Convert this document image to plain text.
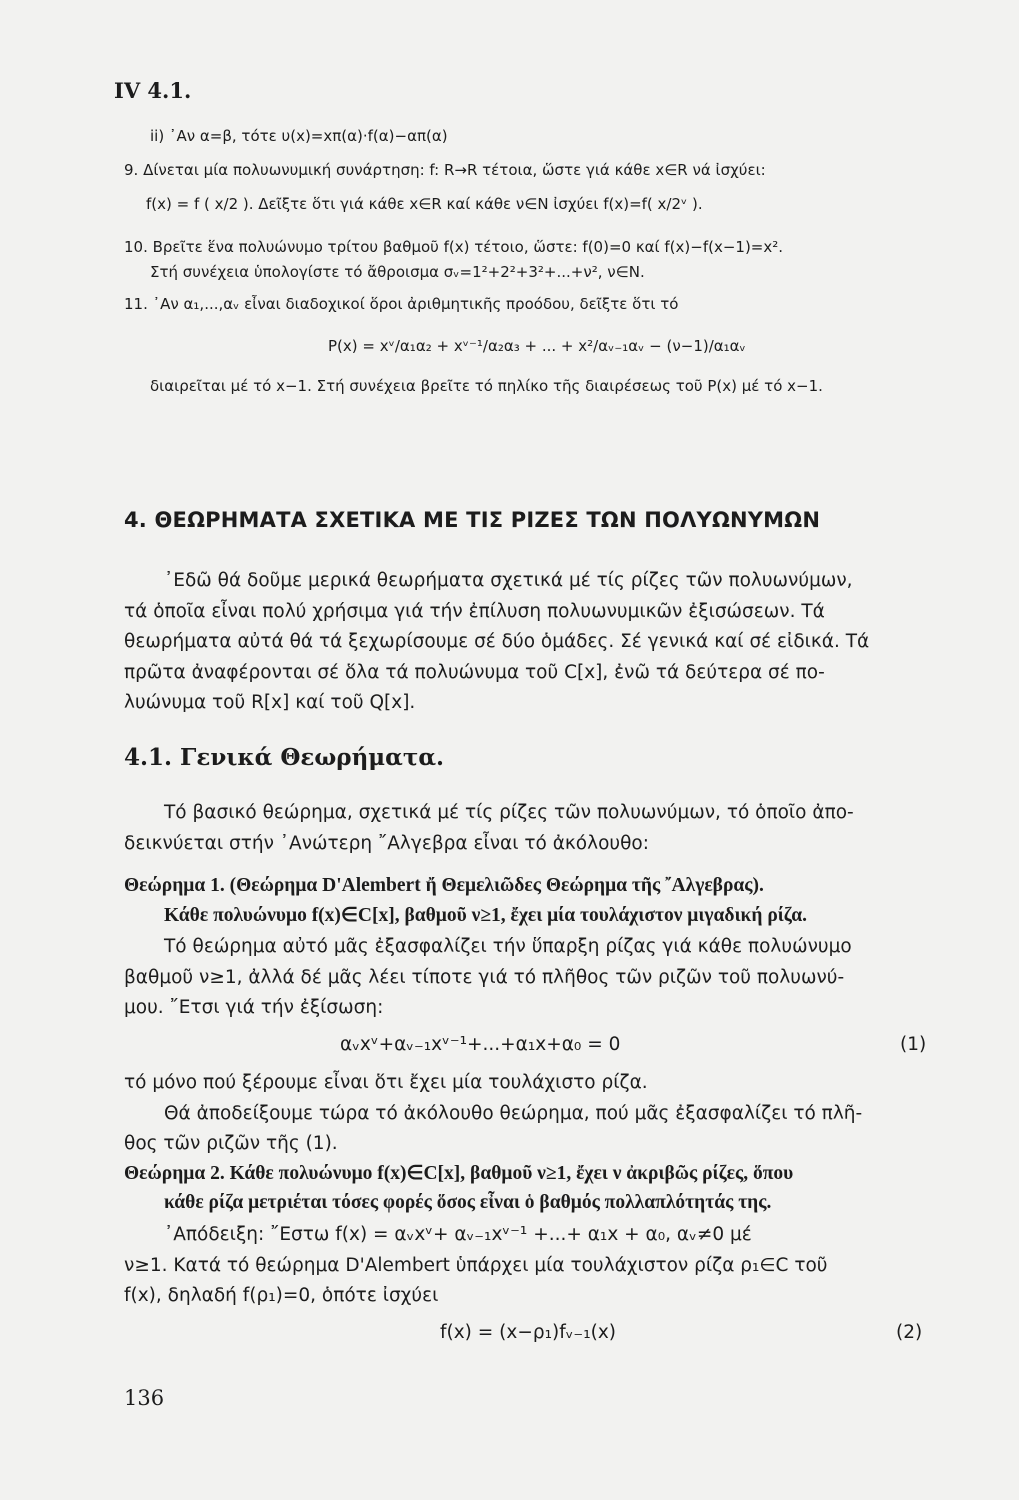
IV 4.1.
ii) ᾽Αν α=β, τότε υ(x)=xπ(α)·f(α)−απ(α)
9. Δίνεται μία πολυωνυμική συνάρτηση: f: R→R τέτοια, ὥστε γιά κάθε x∈R νά ἰσχύει:
f(x) = f ( x/2 ). Δεῖξτε ὅτι γιά κάθε x∈R καί κάθε ν∈N ἰσχύει f(x)=f( x/2ᵛ ).
10. Βρεῖτε ἕνα πολυώνυμο τρίτου βαθμοῦ f(x) τέτοιο, ὥστε: f(0)=0 καί f(x)−f(x−1)=x².
Στή συνέχεια ὑπολογίστε τό ἄθροισμα σᵥ=1²+2²+3²+...+ν², ν∈N.
11. ᾽Αν α₁,...,αᵥ εἶναι διαδοχικοί ὅροι ἀριθμητικῆς προόδου, δεῖξτε ὅτι τό
P(x) = xᵛ/α₁α₂ + xᵛ⁻¹/α₂α₃ + ... + x²/αᵥ₋₁αᵥ − (ν−1)/α₁αᵥ
διαιρεῖται μέ τό x−1. Στή συνέχεια βρεῖτε τό πηλίκο τῆς διαιρέσεως τοῦ P(x) μέ τό x−1.
4. ΘΕΩΡΗΜΑΤΑ ΣΧΕΤΙΚΑ ΜΕ ΤΙΣ ΡΙΖΕΣ ΤΩΝ ΠΟΛΥΩΝΥΜΩΝ
᾽Εδῶ θά δοῦμε μερικά θεωρήματα σχετικά μέ τίς ρίζες τῶν πολυωνύμων,
τά ὁποῖα εἶναι πολύ χρήσιμα γιά τήν ἐπίλυση πολυωνυμικῶν ἐξισώσεων. Τά
θεωρήματα αὐτά θά τά ξεχωρίσουμε σέ δύο ὁμάδες. Σέ γενικά καί σέ εἰδικά. Τά
πρῶτα ἀναφέρονται σέ ὅλα τά πολυώνυμα τοῦ C[x], ἐνῶ τά δεύτερα σέ πο-
λυώνυμα τοῦ R[x] καί τοῦ Q[x].
4.1. Γενικά Θεωρήματα.
Τό βασικό θεώρημα, σχετικά μέ τίς ρίζες τῶν πολυωνύμων, τό ὁποῖο ἀπο-
δεικνύεται στήν ᾽Ανώτερη ῎Αλγεβρα εἶναι τό ἀκόλουθο:
Θεώρημα 1. (Θεώρημα D'Alembert ἤ Θεμελιῶδες Θεώρημα τῆς ῎Αλγεβρας).
Κάθε πολυώνυμο f(x)∈C[x], βαθμοῦ ν≥1, ἔχει μία τουλάχιστον μιγαδική ρίζα.
Τό θεώρημα αὐτό μᾶς ἐξασφαλίζει τήν ὕπαρξη ρίζας γιά κάθε πολυώνυμο
βαθμοῦ ν≥1, ἀλλά δέ μᾶς λέει τίποτε γιά τό πλῆθος τῶν ριζῶν τοῦ πολυωνύ-
μου. ῎Ετσι γιά τήν ἐξίσωση:
αᵥxᵛ+αᵥ₋₁xᵛ⁻¹+...+α₁x+α₀ = 0	(1)
τό μόνο πού ξέρουμε εἶναι ὅτι ἔχει μία τουλάχιστο ρίζα.
Θά ἀποδείξουμε τώρα τό ἀκόλουθο θεώρημα, πού μᾶς ἐξασφαλίζει τό πλῆ-
θος τῶν ριζῶν τῆς (1).
Θεώρημα 2. Κάθε πολυώνυμο f(x)∈C[x], βαθμοῦ ν≥1, ἔχει ν ἀκριβῶς ρίζες, ὅπου
κάθε ρίζα μετριέται τόσες φορές ὅσος εἶναι ὁ βαθμός πολλαπλότητάς της.
᾽Απόδειξη: ῎Εστω f(x) = αᵥxᵛ+ αᵥ₋₁xᵛ⁻¹ +...+ α₁x + α₀, αᵥ≠0 μέ
ν≥1. Κατά τό θεώρημα D'Alembert ὑπάρχει μία τουλάχιστον ρίζα ρ₁∈C τοῦ
f(x), δηλαδή f(ρ₁)=0, ὁπότε ἰσχύει
f(x) = (x−ρ₁)fᵥ₋₁(x)	(2)
136
